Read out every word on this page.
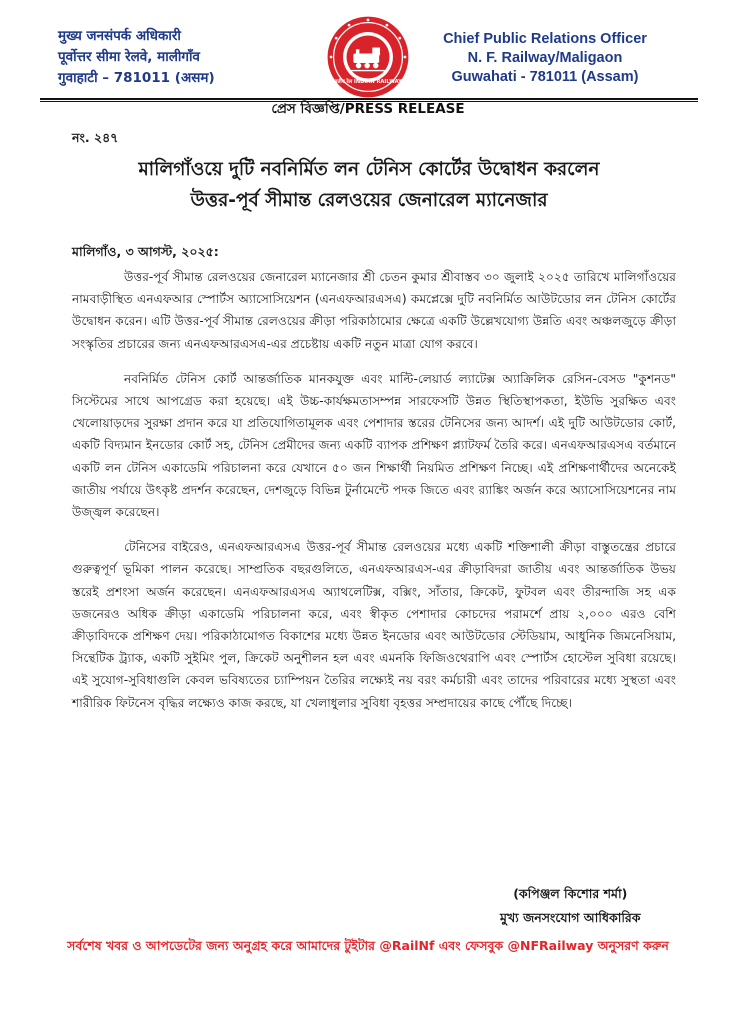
मुख्य जनसंपर्क अधिकारी
पूर्वोत्तर सीमा रेलवे, मालीगाँव
गुवाहाटी – 781011 (असम)	भारतीय रेल INDIAN RAILWAYS
Chief Public Relations Officer
N. F. Railway/Maligaon
Guwahati - 781011 (Assam)
প্রেস বিজ্ঞপ্তি/PRESS RELEASE
নং. ২৪৭
মালিগাঁওয়ে দুটি নবনির্মিত লন টেনিস কোর্টের উদ্বোধন করলেন
উত্তর-পূর্ব সীমান্ত রেলওয়ের জেনারেল ম্যানেজার
মালিগাঁও, ৩ আগস্ট, ২০২৫:

উত্তর-পূর্ব সীমান্ত রেলওয়ের জেনারেল ম্যানেজার শ্রী চেতন কুমার শ্রীবাস্তব ৩০ জুলাই ২০২৫ তারিখে মালিগাঁওয়ের নামবাড়ীস্থিত এনএফআর স্পোর্টস অ্যাসোসিয়েশন (এনএফআরএসএ) কমপ্লেক্সে দুটি নবনির্মিত আউটডোর লন টেনিস কোর্টের উদ্বোধন করেন। এটি উত্তর-পূর্ব সীমান্ত রেলওয়ের ক্রীড়া পরিকাঠামোর ক্ষেত্রে একটি উল্লেখযোগ্য উন্নতি এবং অঞ্চলজুড়ে ক্রীড়া সংস্কৃতির প্রচারের জন্য এনএফআরএসএ-এর প্রচেষ্টায় একটি নতুন মাত্রা যোগ করবে।

নবনির্মিত টেনিস কোর্ট আন্তর্জাতিক মানকযুক্ত এবং মাল্টি-লেয়ার্ড ল্যাটেক্স অ্যাক্রিলিক রেসিন-বেসড "কুশনড" সিস্টেমের সাথে আপগ্রেড করা হয়েছে। এই উচ্চ-কার্যক্ষমতাসম্পন্ন সারফেসটি উন্নত স্থিতিস্থাপকতা, ইউভি সুরক্ষিত এবং খেলোয়াড়দের সুরক্ষা প্রদান করে যা প্রতিযোগিতামূলক এবং পেশাদার স্তরের টেনিসের জন্য আদর্শ। এই দুটি আউটডোর কোর্ট, একটি বিদ্যমান ইনডোর কোর্ট সহ, টেনিস প্রেমীদের জন্য একটি ব্যাপক প্রশিক্ষণ প্ল্যাটফর্ম তৈরি করে। এনএফআরএসএ বর্তমানে একটি লন টেনিস একাডেমি পরিচালনা করে যেখানে ৫০ জন শিক্ষার্থী নিয়মিত প্রশিক্ষণ নিচ্ছে। এই প্রশিক্ষণার্থীদের অনেকেই জাতীয় পর্যায়ে উৎকৃষ্ট প্রদর্শন করেছেন, দেশজুড়ে বিভিন্ন টুর্নামেন্টে পদক জিতে এবং র‍্যাঙ্কিং অর্জন করে অ্যাসোসিয়েশনের নাম উজ্জ্বল করেছেন।

টেনিসের বাইরেও, এনএফআরএসএ উত্তর-পূর্ব সীমান্ত রেলওয়ের মধ্যে একটি শক্তিশালী ক্রীড়া বাস্তুতন্ত্রের প্রচারে গুরুত্বপূর্ণ ভূমিকা পালন করেছে। সাম্প্রতিক বছরগুলিতে, এনএফআরএস-এর ক্রীড়াবিদরা জাতীয় এবং আন্তর্জাতিক উভয় স্তরেই প্রশংসা অর্জন করেছেন। এনএফআরএসএ অ্যাথলেটিক্স, বক্সিং, সাঁতার, ক্রিকেট, ফুটবল এবং তীরন্দাজি সহ এক ডজনেরও অধিক ক্রীড়া একাডেমি পরিচালনা করে, এবং স্বীকৃত পেশাদার কোচদের পরামর্শে প্রায় ২,০০০ এরও বেশি ক্রীড়াবিদকে প্রশিক্ষণ দেয়। পরিকাঠামোগত বিকাশের মধ্যে উন্নত ইনডোর এবং আউটডোর স্টেডিয়াম, আধুনিক জিমনেসিয়াম, সিন্থেটিক ট্র্যাক, একটি সুইমিং পুল, ক্রিকেট অনুশীলন হল এবং এমনকি ফিজিওথেরাপি এবং স্পোর্টস হোস্টেল সুবিধা রয়েছে। এই সুযোগ-সুবিধাগুলি কেবল ভবিষ্যতের চ্যাম্পিয়ন তৈরির লক্ষ্যেই নয় বরং কর্মচারী এবং তাদের পরিবারের মধ্যে সুস্থতা এবং শারীরিক ফিটনেস বৃদ্ধির লক্ষ্যেও কাজ করছে, যা খেলাধুলার সুবিধা বৃহত্তর সম্প্রদায়ের কাছে পৌঁছে দিচ্ছে।

(কপিঞ্জল কিশোর শর্মা)
মুখ্য জনসংযোগ আধিকারিক
সর্বশেষ খবর ও আপডেটের জন্য অনুগ্রহ করে আমাদের টুইটার @RailNf এবং ফেসবুক @NFRailway অনুসরণ করুন
